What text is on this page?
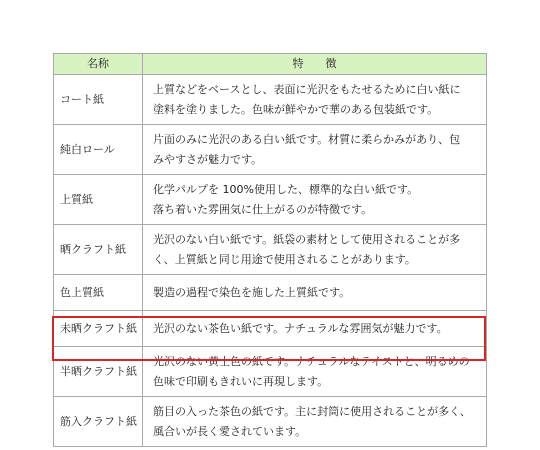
名称	特　　徴
コート紙	上質などをベースとし、表面に光沢をもたせるために白い紙に
塗料を塗りました。色味が鮮やかで華のある包装紙です。

純白ロール	片面のみに光沢のある白い紙です。材質に柔らかみがあり、包
みやすさが魅力です。

上質紙	化学パルプを 100%使用した、標準的な白い紙です。
落ち着いた雰囲気に仕上がるのが特徴です。

晒クラフト紙	光沢のない白い紙です。紙袋の素材として使用されることが多
く、上質紙と同じ用途で使用されることがあります。

色上質紙	製造の過程で染色を施した上質紙です。

未晒クラフト紙	光沢のない茶色い紙です。ナチュラルな雰囲気が魅力です。

半晒クラフト紙	光沢のない黄土色の紙です。ナチュラルなテイストと、明るめの
色味で印刷もきれいに再現します。

筋入クラフト紙	筋目の入った茶色の紙です。主に封筒に使用されることが多く、
風合いが長く愛されています。
